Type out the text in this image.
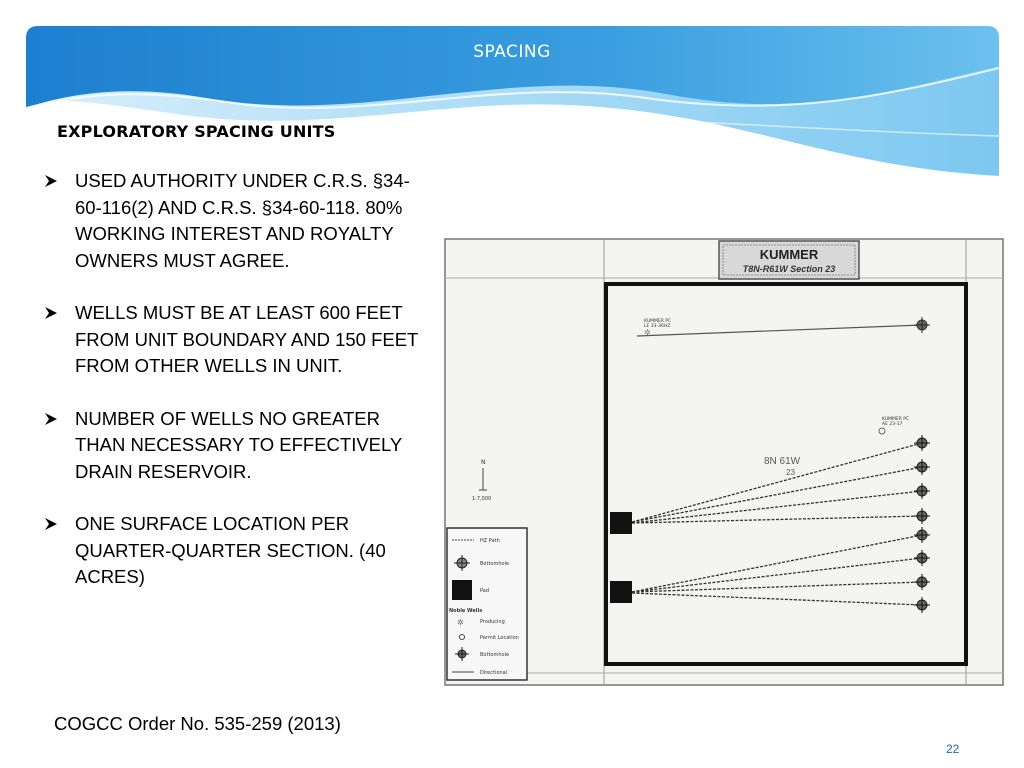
SPACING
EXPLORATORY SPACING UNITS
USED AUTHORITY UNDER C.R.S. §34-60-116(2) AND C.R.S. §34-60-118. 80% WORKING INTEREST AND ROYALTY OWNERS MUST AGREE.
WELLS MUST BE AT LEAST 600 FEET FROM UNIT BOUNDARY AND 150 FEET FROM OTHER WELLS IN UNIT.
NUMBER OF WELLS NO GREATER THAN NECESSARY TO EFFECTIVELY DRAIN RESERVOIR.
ONE SURFACE LOCATION PER QUARTER-QUARTER SECTION. (40 ACRES)
COGCC Order No. 535-259 (2013)
22
KUMMER
T8N-R61W Section 23
KUMMER PC
LE 33-36HZ
✲
KUMMER PC
AE 23-17
8N 61W
23
N
1:7,000
HZ Path
Bottomhole
Pad
Noble Wells
✲	Producing
Permit Location
Bottomhole
Directional
